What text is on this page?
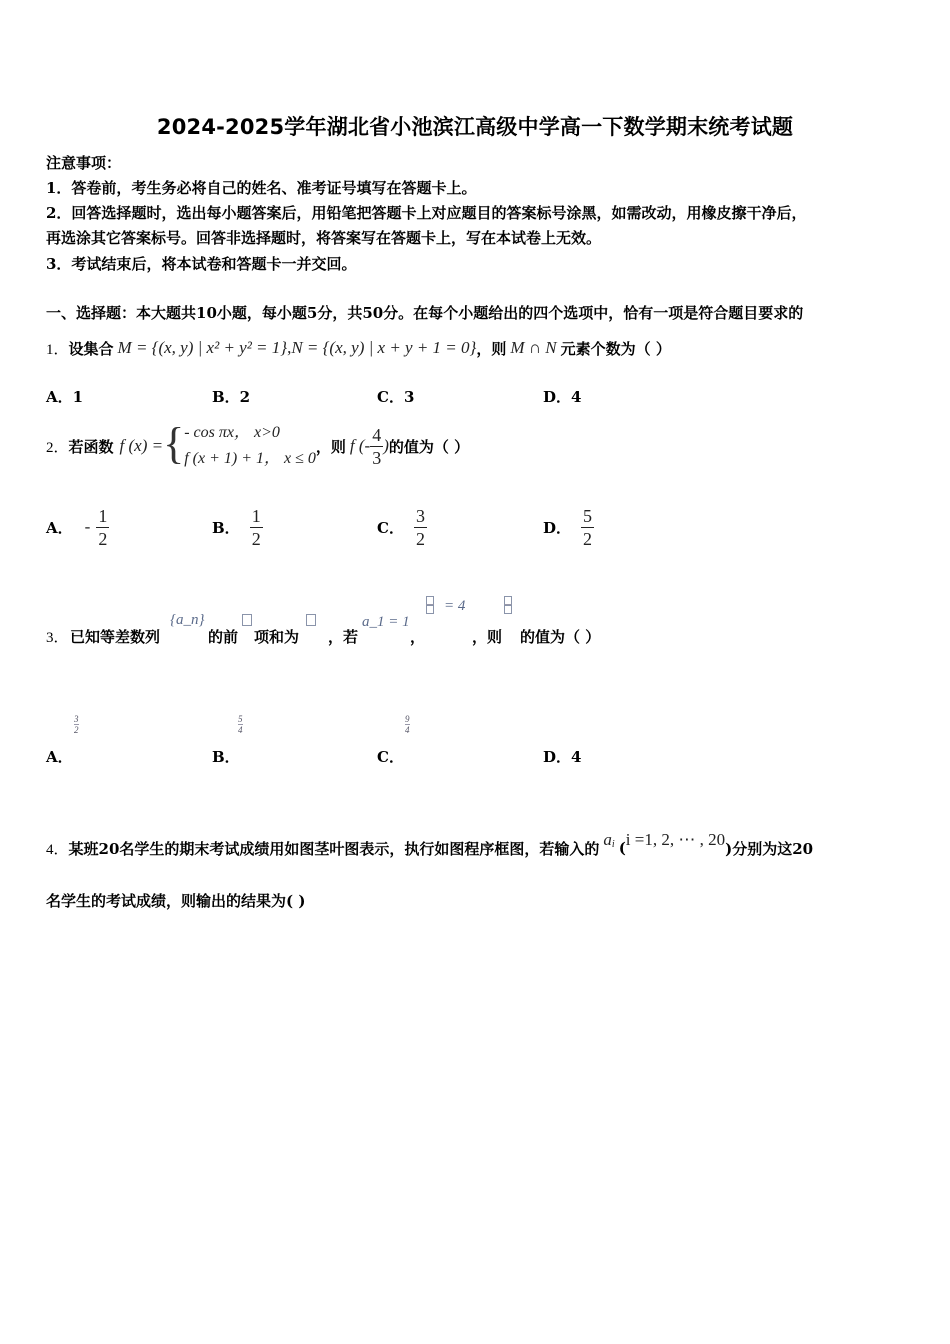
2024-2025学年湖北省小池滨江高级中学高一下数学期末统考试题
注意事项：
1．答卷前，考生务必将自己的姓名、准考证号填写在答题卡上。
2．回答选择题时，选出每小题答案后，用铅笔把答题卡上对应题目的答案标号涂黑，如需改动，用橡皮擦干净后，
再选涂其它答案标号。回答非选择题时，将答案写在答题卡上，写在本试卷上无效。
3．考试结束后，将本试卷和答题卡一并交回。
一、选择题：本大题共10小题，每小题5分，共50分。在每个小题给出的四个选项中，恰有一项是符合题目要求的
1． 设集合 M = {(x, y) | x² + y² = 1} , N = {(x, y) | x + y + 1 = 0} ，则 M ∩ N 元素个数为（ ）
A．1	B．2	C．3	D．4
2． 若函数 f (x) = { - cos πx， x>0
f (x + 1) + 1， x ≤ 0
，则 f (- $\frac{4}{3}$ ) 的值为（ ）
A． - $\frac{1}{2}$	B． $\frac{1}{2}$	C． $\frac{3}{2}$	D． $\frac{5}{2}$
3． 已知等差数列
{a_n}
的前 项和为 ，若
a_1 = 1
，
= 4
，则 的值为（ ）
$\frac{3}{2}$
A．
$\frac{5}{4}$
B．
$\frac{9}{4}$
C．	D．4
4． 某班20名学生的期末考试成绩用如图茎叶图表示，执行如图程序框图，若输入的 a i ( i =1, 2, ⋯ , 20 )分别为这20
名学生的考试成绩，则输出的结果为( )
